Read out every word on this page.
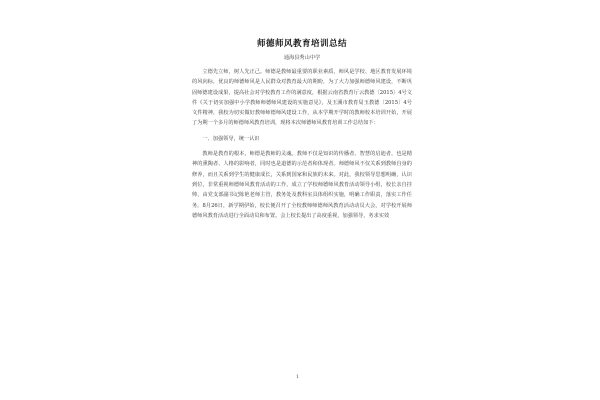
师德师风教育培训总结
通海县秀山中学

立德先立师，树人先正己。师德是教师最重要的职业素质，师风是学校、地区教育发展环境的风向标，优良的师德师风是人民群众对教育最大的期盼，为了大力加强师德师风建设，不断巩固师德建设成果，提高社会对学校教育工作的满意度，根据云南省教育厅云教德〔2015〕4号文件《关于切实加强中小学教师师德师风建设的实施意见》，及玉溪市教育局玉教德〔2015〕4号文件精神，我校为切实做好教师师德师风建设工作，从本学期开学时的教师校本培训开始，开展了为期一个多月的师德师风教育培训，现将本次师德师风教育培训工作总结如下：

一、加强领导，统一认识

教师是教育的根本，师德是教师的灵魂。教师不仅是知识的传播者、智慧的启迪者，也是精神的熏陶者、人格的影响者，同时也是道德的示范者和体现者。师德师风不仅关系到教师自身的修养，而且关系到学生的健康成长，关系到国家和民族的未来。对此，我校领导思想明确，认识到位，非常重视师德师风教育活动的工作，成立了学校师德师风教育活动领导小组，校长亲自挂帅，由党支部副书记陈艳老师主管，教务处及教科室具体组织实施，明确工作职责，落实工作任务。8月26日，新学期伊始，校长便召开了全校教师师德师风教育活动动员大会，对学校开展师德师风教育活动进行全面动员和布置。会上校长提出了高度重视，加强领导，务求实效

1
